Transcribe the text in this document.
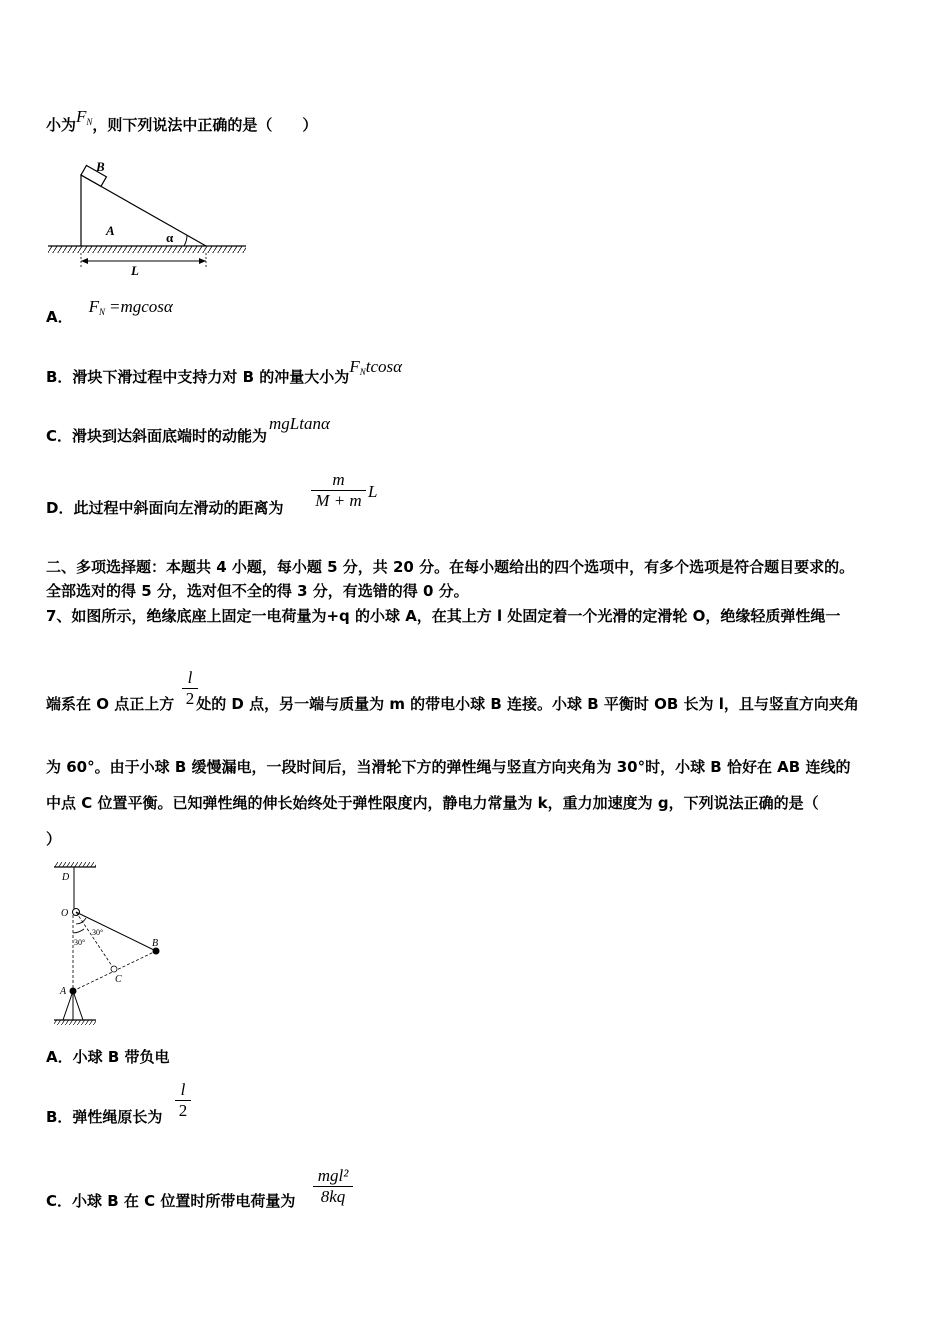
小为$F^N$，则下列说法中正确的是（　　）
B
A	α
L
A．$F^N =mgcos\alpha$
B．滑块下滑过程中支持力对 B 的冲量大小为$F^Ntcos\alpha$
C．滑块到达斜面底端时的动能为mgLtanα
D．此过程中斜面向左滑动的距离为
m
M + m L
二、多项选择题：本题共 4 小题，每小题 5 分，共 20 分。在每小题给出的四个选项中，有多个选项是符合题目要求的。
全部选对的得 5 分，选对但不全的得 3 分，有选错的得 0 分。
7、如图所示，绝缘底座上固定一电荷量为+q 的小球 A，在其上方 l 处固定着一个光滑的定滑轮 O，绝缘轻质弹性绳一
端系在 O 点正上方 处的 D 点，另一端与质量为 m 的带电小球 B 连接。小球 B 平衡时 OB 长为 l，且与竖直方向夹角
l
2
为 60°。由于小球 B 缓慢漏电，一段时间后，当滑轮下方的弹性绳与竖直方向夹角为 30°时，小球 B 恰好在 AB 连线的
中点 C 位置平衡。已知弹性绳的伸长始终处于弹性限度内，静电力常量为 k，重力加速度为 g，下列说法正确的是（
）
D
O
30°
30°	B
C
A
A．小球 B 带负电
B．弹性绳原长为
l
2
C．小球 B 在 C 位置时所带电荷量为
mgl²
8kq
